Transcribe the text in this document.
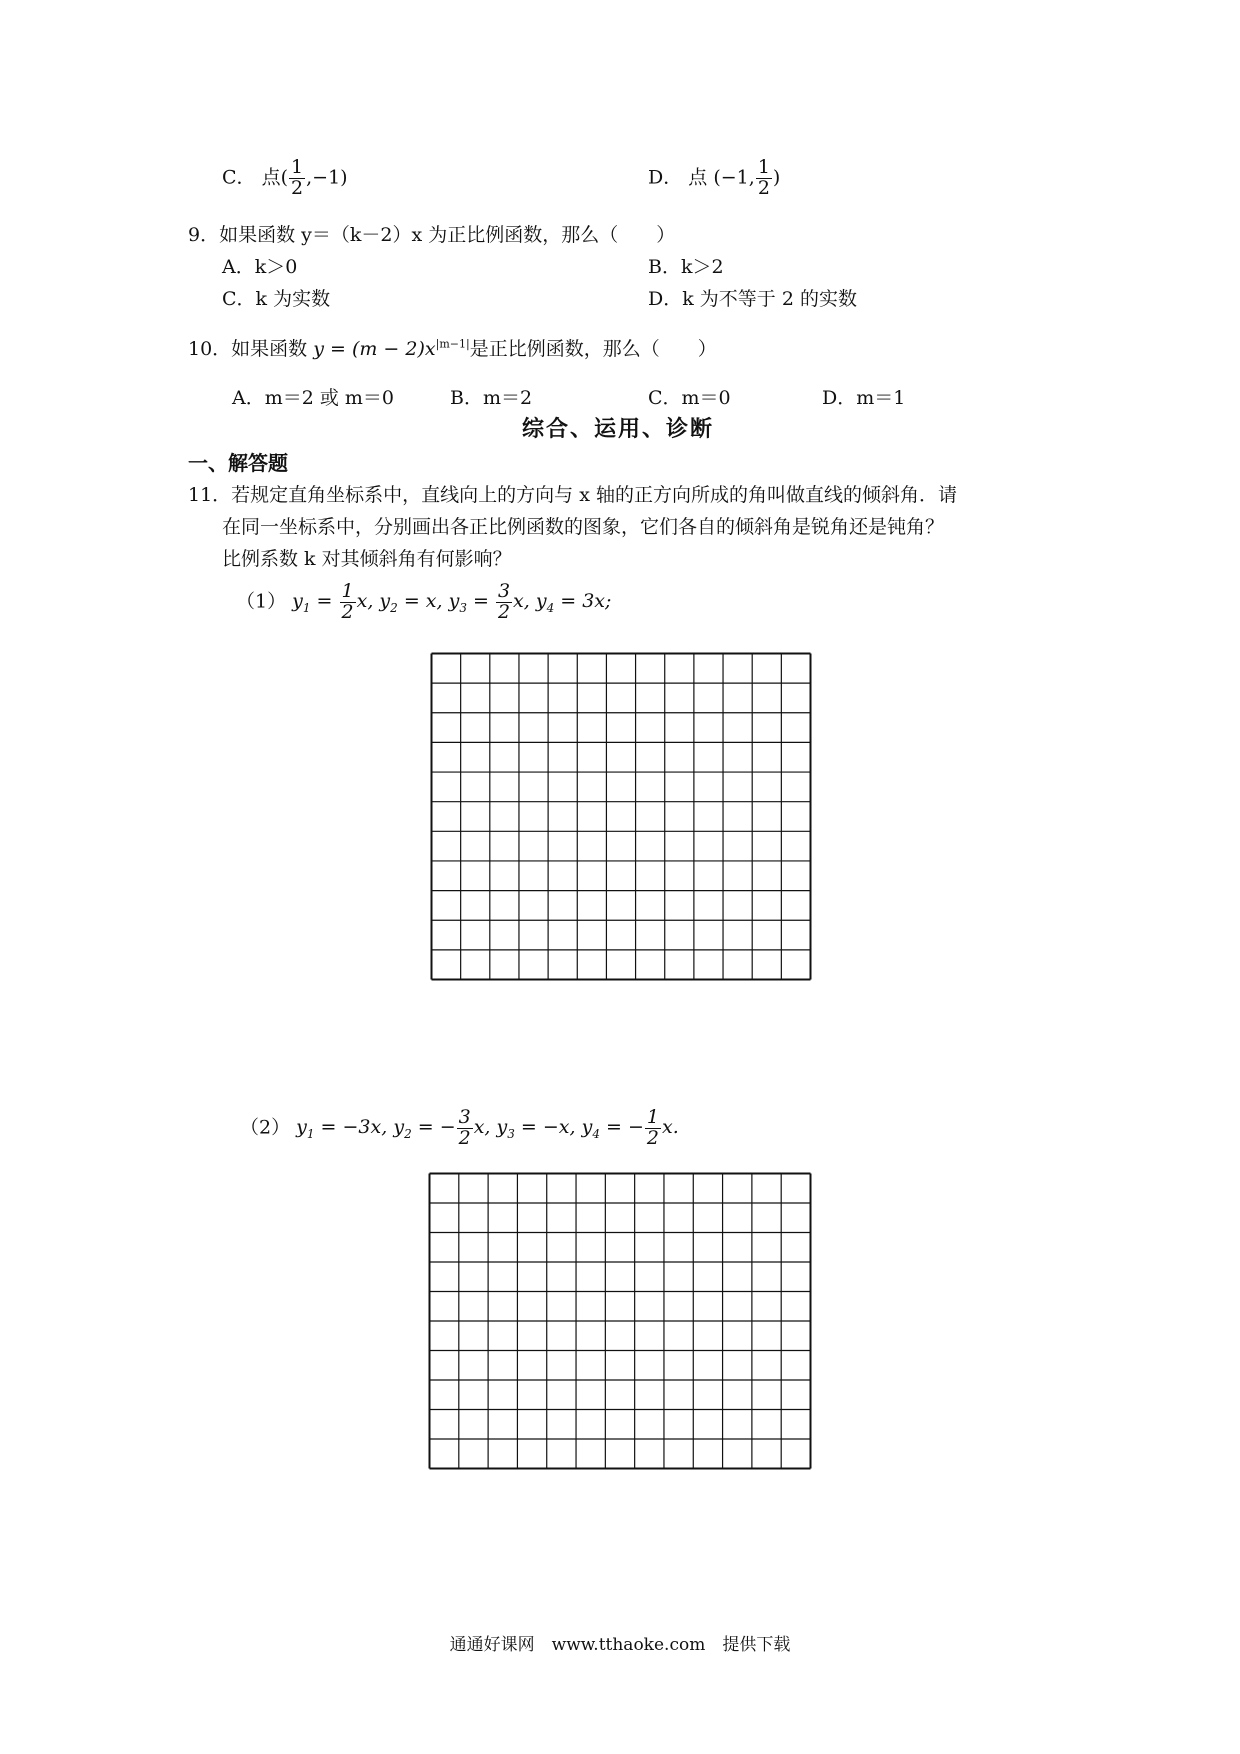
C． 点( $\frac{1}{2} ,-1$)	D． 点 (−1, $\frac{1}{2}$ )
9．如果函数 y＝（k－2）x 为正比例函数，那么（　　）
A．k＞0	B．k＞2
C．k 为实数	D．k 为不等于 2 的实数
10．如果函数 $y = (m - 2)x^{|m-1|}$是正比例函数，那么（　　）
A．m＝2 或 m＝0	B．m＝2	C．m＝0	D．m＝1
综合、运用、诊断
一、解答题
11．若规定直角坐标系中，直线向上的方向与 x 轴的正方向所成的角叫做直线的倾斜角．请
在同一坐标系中，分别画出各正比例函数的图象，它们各自的倾斜角是锐角还是钝角？
比例系数 k 对其倾斜角有何影响？
（1） $y_1 = \frac{1}{2} x$, $y_2 = x$, $y_3 = \frac{3}{2} x$, $y_4 = 3x$;
（2） $y_1 = -3x$, $y_2$ = − $\frac{3}{2} x$, $y_3 = -x$, $y_4$ = − $\frac{1}{2} x$.
通通好课网　www.tthaoke.com　提供下载
